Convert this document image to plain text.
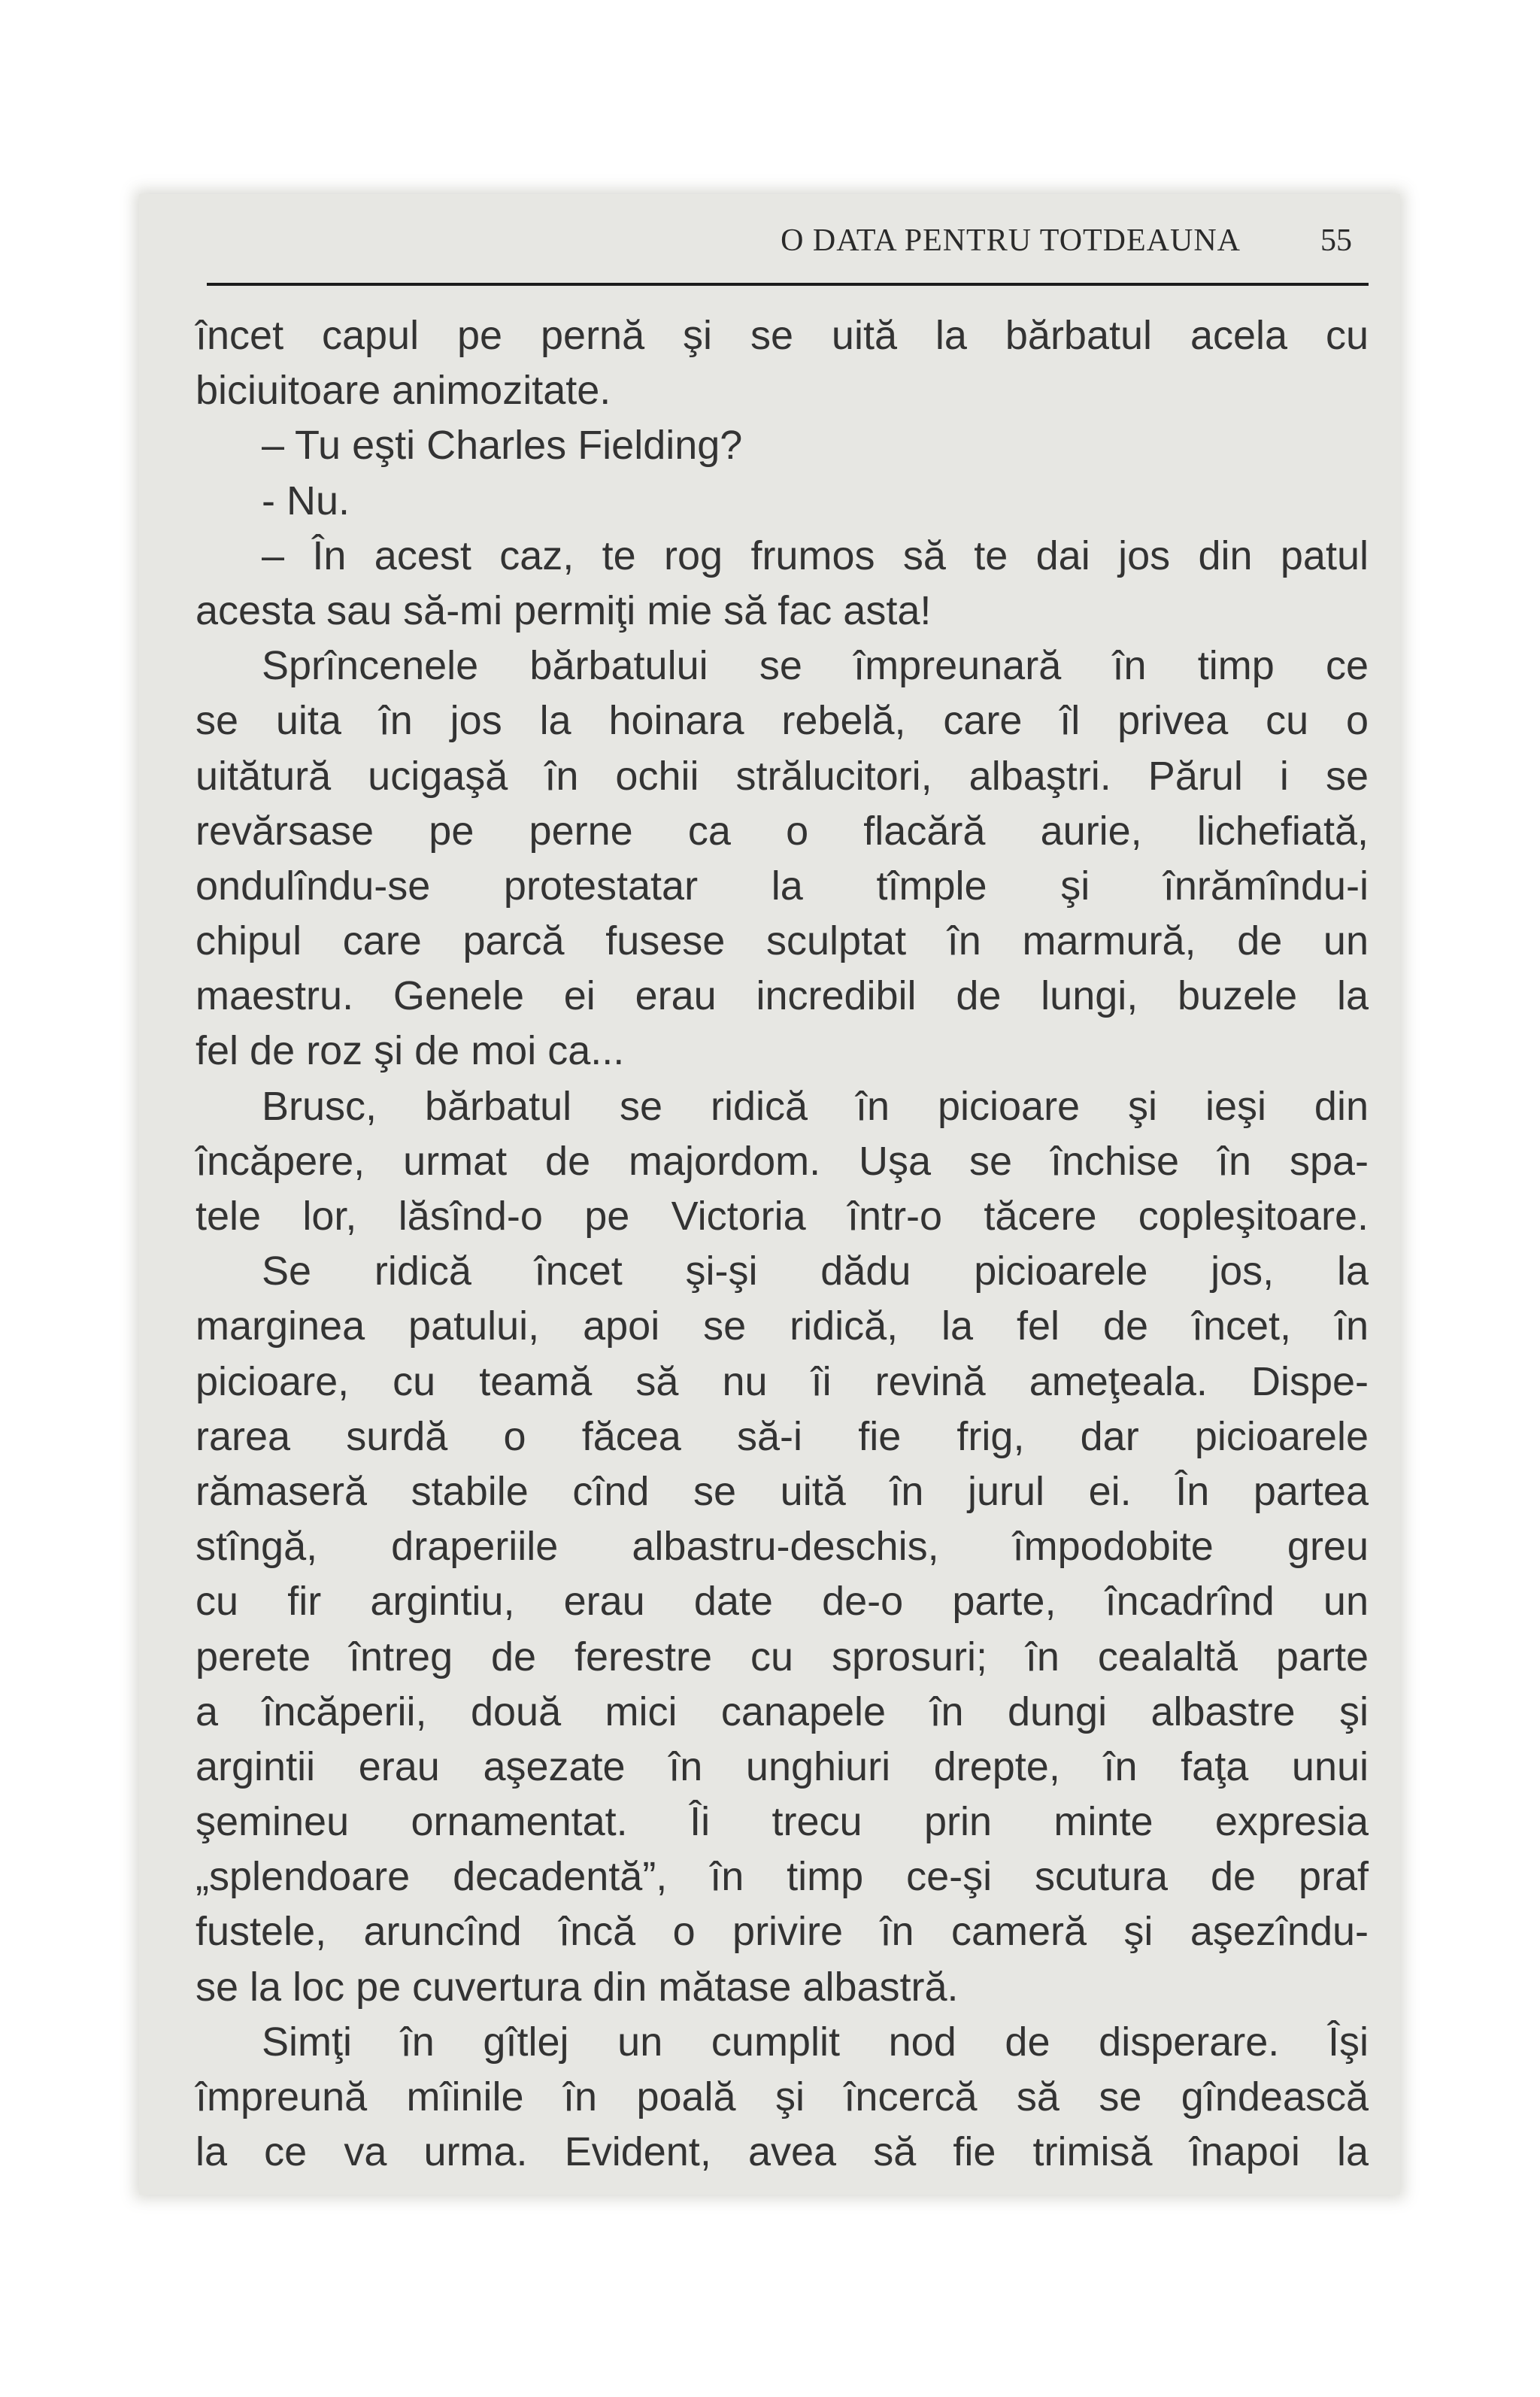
O DATA PENTRU TOTDEAUNA	55
încet capul pe pernă şi se uită la bărbatul acela cu
biciuitoare animozitate.
– Tu eşti Charles Fielding?
- Nu.
– În acest caz, te rog frumos să te dai jos din patul
acesta sau să-mi permiţi mie să fac asta!
Sprîncenele bărbatului se împreunară în timp ce
se uita în jos la hoinara rebelă, care îl privea cu o
uitătură ucigaşă în ochii strălucitori, albaştri. Părul i se
revărsase pe perne ca o flacără aurie, lichefiată,
ondulîndu-se protestatar la tîmple şi înrămîndu-i
chipul care parcă fusese sculptat în marmură, de un
maestru. Genele ei erau incredibil de lungi, buzele la
fel de roz şi de moi ca...
Brusc, bărbatul se ridică în picioare şi ieşi din
încăpere, urmat de majordom. Uşa se închise în spa-
tele lor, lăsînd-o pe Victoria într-o tăcere copleşitoare.
Se ridică încet şi-şi dădu picioarele jos, la
marginea patului, apoi se ridică, la fel de încet, în
picioare, cu teamă să nu îi revină ameţeala. Dispe-
rarea surdă o făcea să-i fie frig, dar picioarele
rămaseră stabile cînd se uită în jurul ei. În partea
stîngă, draperiile albastru-deschis, împodobite greu
cu fir argintiu, erau date de-o parte, încadrînd un
perete întreg de ferestre cu sprosuri; în cealaltă parte
a încăperii, două mici canapele în dungi albastre şi
argintii erau aşezate în unghiuri drepte, în faţa unui
şemineu ornamentat. Îi trecu prin minte expresia
„splendoare decadentă”, în timp ce-şi scutura de praf
fustele, aruncînd încă o privire în cameră şi aşezîndu-
se la loc pe cuvertura din mătase albastră.
Simţi în gîtlej un cumplit nod de disperare. Îşi
împreună mîinile în poală şi încercă să se gîndească
la ce va urma. Evident, avea să fie trimisă înapoi la
